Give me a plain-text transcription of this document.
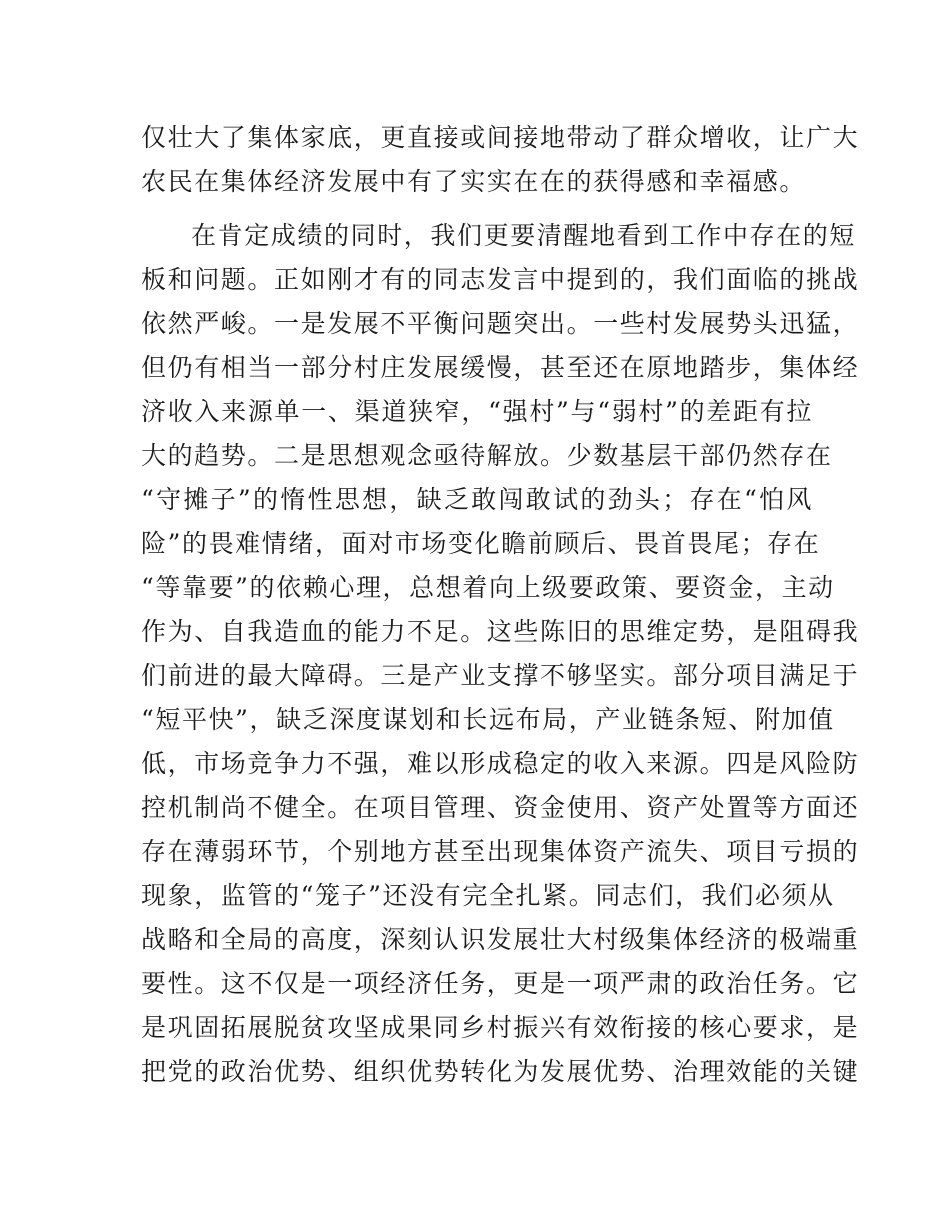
仅壮大了集体家底，更直接或间接地带动了群众增收，让广大
农民在集体经济发展中有了实实在在的获得感和幸福感。
在肯定成绩的同时，我们更要清醒地看到工作中存在的短
板和问题。正如刚才有的同志发言中提到的，我们面临的挑战
依然严峻。一是发展不平衡问题突出。一些村发展势头迅猛，
但仍有相当一部分村庄发展缓慢，甚至还在原地踏步，集体经
济收入来源单一、渠道狭窄，“强村”与“弱村”的差距有拉
大的趋势。二是思想观念亟待解放。少数基层干部仍然存在
“守摊子”的惰性思想，缺乏敢闯敢试的劲头；存在“怕风
险”的畏难情绪，面对市场变化瞻前顾后、畏首畏尾；存在
“等靠要”的依赖心理，总想着向上级要政策、要资金，主动
作为、自我造血的能力不足。这些陈旧的思维定势，是阻碍我
们前进的最大障碍。三是产业支撑不够坚实。部分项目满足于
“短平快”，缺乏深度谋划和长远布局，产业链条短、附加值
低，市场竞争力不强，难以形成稳定的收入来源。四是风险防
控机制尚不健全。在项目管理、资金使用、资产处置等方面还
存在薄弱环节，个别地方甚至出现集体资产流失、项目亏损的
现象，监管的“笼子”还没有完全扎紧。同志们，我们必须从
战略和全局的高度，深刻认识发展壮大村级集体经济的极端重
要性。这不仅是一项经济任务，更是一项严肃的政治任务。它
是巩固拓展脱贫攻坚成果同乡村振兴有效衔接的核心要求，是
把党的政治优势、组织优势转化为发展优势、治理效能的关键
